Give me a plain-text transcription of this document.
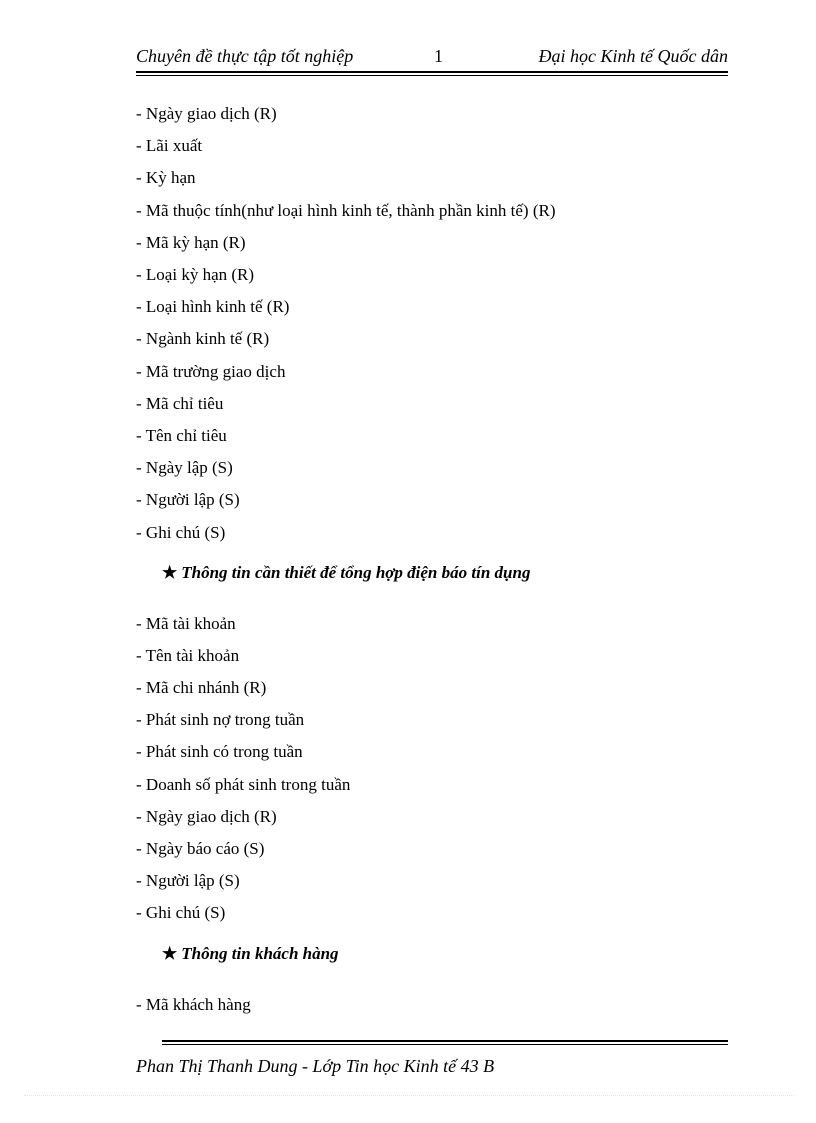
Chuyên đề thực tập tốt nghiệp	1	Đại học Kinh tế Quốc dân
- Ngày giao dịch (R)
- Lãi xuất
- Kỳ hạn
- Mã thuộc tính(như loại hình kinh tế, thành phần kinh tế) (R)
- Mã kỳ hạn (R)
- Loại kỳ hạn (R)
- Loại hình kinh tế (R)
- Ngành kinh tế (R)
- Mã trường giao dịch
- Mã chỉ tiêu
- Tên chỉ tiêu
- Ngày lập (S)
- Người lập (S)
- Ghi chú (S)
★ Thông tin cần thiết để tổng hợp điện báo tín dụng
- Mã tài khoản
- Tên tài khoản
- Mã chi nhánh (R)
- Phát sinh nợ trong tuần
- Phát sinh có trong tuần
- Doanh số phát sinh trong tuần
- Ngày giao dịch (R)
- Ngày báo cáo (S)
- Người lập (S)
- Ghi chú (S)
★ Thông tin khách hàng
- Mã khách hàng
Phan Thị Thanh Dung - Lớp Tin học Kinh tế 43 B
